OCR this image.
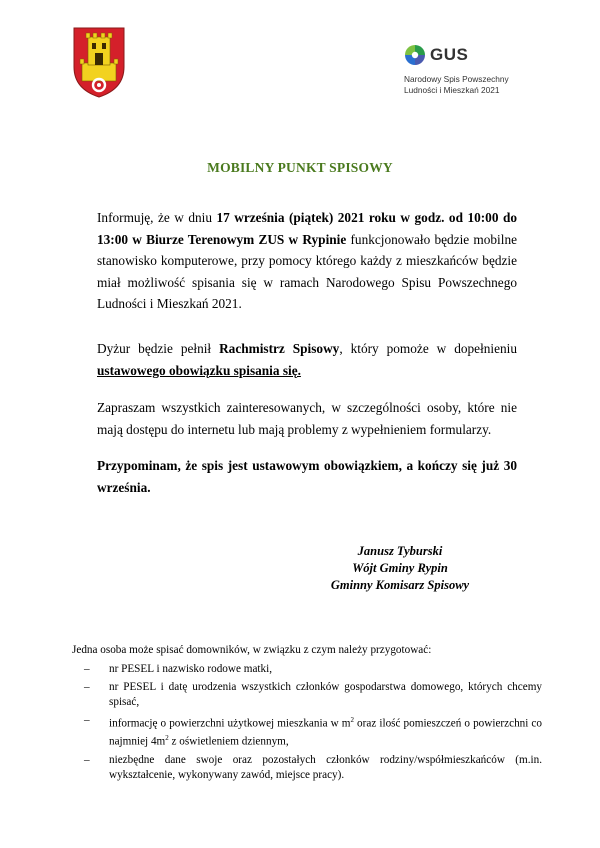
GUS
Narodowy Spis Powszechny
Ludności i Mieszkań 2021
MOBILNY PUNKT SPISOWY

Informuję, że w dniu 17 września (piątek) 2021 roku w godz. od 10:00 do 13:00 w Biurze Terenowym ZUS w Rypinie funkcjonowało będzie mobilne stanowisko komputerowe, przy pomocy którego każdy z mieszkańców będzie miał możliwość spisania się w ramach Narodowego Spisu Powszechnego Ludności i Mieszkań 2021.

Dyżur będzie pełnił Rachmistrz Spisowy, który pomoże w dopełnieniu ustawowego obowiązku spisania się.

Zapraszam wszystkich zainteresowanych, w szczególności osoby, które nie mają dostępu do internetu lub mają problemy z wypełnieniem formularzy.

Przypominam, że spis jest ustawowym obowiązkiem, a kończy się już 30 września.

Janusz Tyburski
Wójt Gminy Rypin
Gminny Komisarz Spisowy
Jedna osoba może spisać domowników, w związku z czym należy przygotować:
– nr PESEL i nazwisko rodowe matki,
– nr PESEL i datę urodzenia wszystkich członków gospodarstwa domowego, których chcemy spisać,
– informację o powierzchni użytkowej mieszkania w $m^2$ oraz ilość pomieszczeń o powierzchni co najmniej $4m^2$ z oświetleniem dziennym,
– niezbędne dane swoje oraz pozostałych członków rodziny/współmieszkańców (m.in. wykształcenie, wykonywany zawód, miejsce pracy).
